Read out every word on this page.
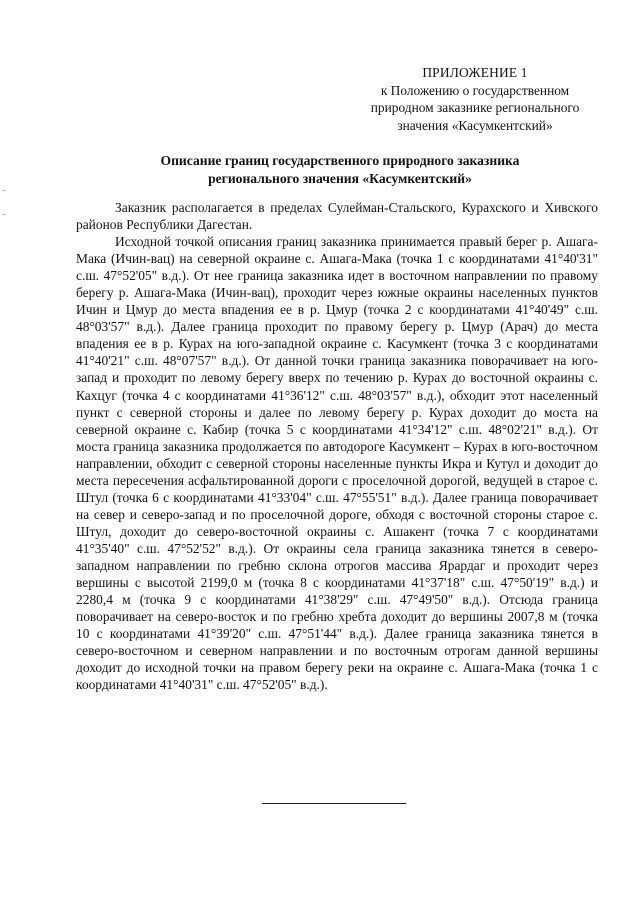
ПРИЛОЖЕНИЕ 1
к Положению о государственном
природном заказнике регионального
значения «Касумкентский»
Описание границ государственного природного заказника
регионального значения «Касумкентский»

Заказник располагается в пределах Сулейман-Стальского, Курахского и Хивского районов Республики Дагестан.

Исходной точкой описания границ заказника принимается правый берег р. Ашага-Мака (Ичин-вац) на северной окраине с. Ашага-Мака (точка 1 с координатами 41°40'31" с.ш. 47°52'05" в.д.). От нее граница заказника идет в восточном направлении по правому берегу р. Ашага-Мака (Ичин-вац), проходит через южные окраины населенных пунктов Ичин и Цмур до места впадения ее в р. Цмур (точка 2 с координатами 41°40'49" с.ш. 48°03'57" в.д.). Далее граница проходит по правому берегу р. Цмур (Арач) до места впадения ее в р. Курах на юго-западной окраине с. Касумкент (точка 3 с координатами 41°40'21" с.ш. 48°07'57" в.д.). От данной точки граница заказника поворачивает на юго-запад и проходит по левому берегу вверх по течению р. Курах до восточной окраины с. Кахцуг (точка 4 с координатами 41°36'12" с.ш. 48°03'57" в.д.), обходит этот населенный пункт с северной стороны и далее по левому берегу р. Курах доходит до моста на северной окраине с. Кабир (точка 5 с координатами 41°34'12" с.ш. 48°02'21" в.д.). От моста граница заказника продолжается по автодороге Касумкент – Курах в юго-восточном направлении, обходит с северной стороны населенные пункты Икра и Кутул и доходит до места пересечения асфальтированной дороги с проселочной дорогой, ведущей в старое с. Штул (точка 6 с координатами 41°33'04" с.ш. 47°55'51" в.д.). Далее граница поворачивает на север и северо-запад и по проселочной дороге, обходя с восточной стороны старое с. Штул, доходит до северо-восточной окраины с. Ашакент (точка 7 с координатами 41°35'40" с.ш. 47°52'52" в.д.). От окраины села граница заказника тянется в северо-западном направлении по гребню склона отрогов массива Ярардаг и проходит через вершины с высотой 2199,0 м (точка 8 с координатами 41°37'18" с.ш. 47°50'19" в.д.) и 2280,4 м (точка 9 с координатами 41°38'29" с.ш. 47°49'50" в.д.). Отсюда граница поворачивает на северо-восток и по гребню хребта доходит до вершины 2007,8 м (точка 10 с координатами 41°39'20" с.ш. 47°51'44" в.д.). Далее граница заказника тянется в северо-восточном и северном направлении и по восточным отрогам данной вершины доходит до исходной точки на правом берегу реки на окраине с. Ашага-Мака (точка 1 с координатами 41°40'31" с.ш. 47°52'05" в.д.).
